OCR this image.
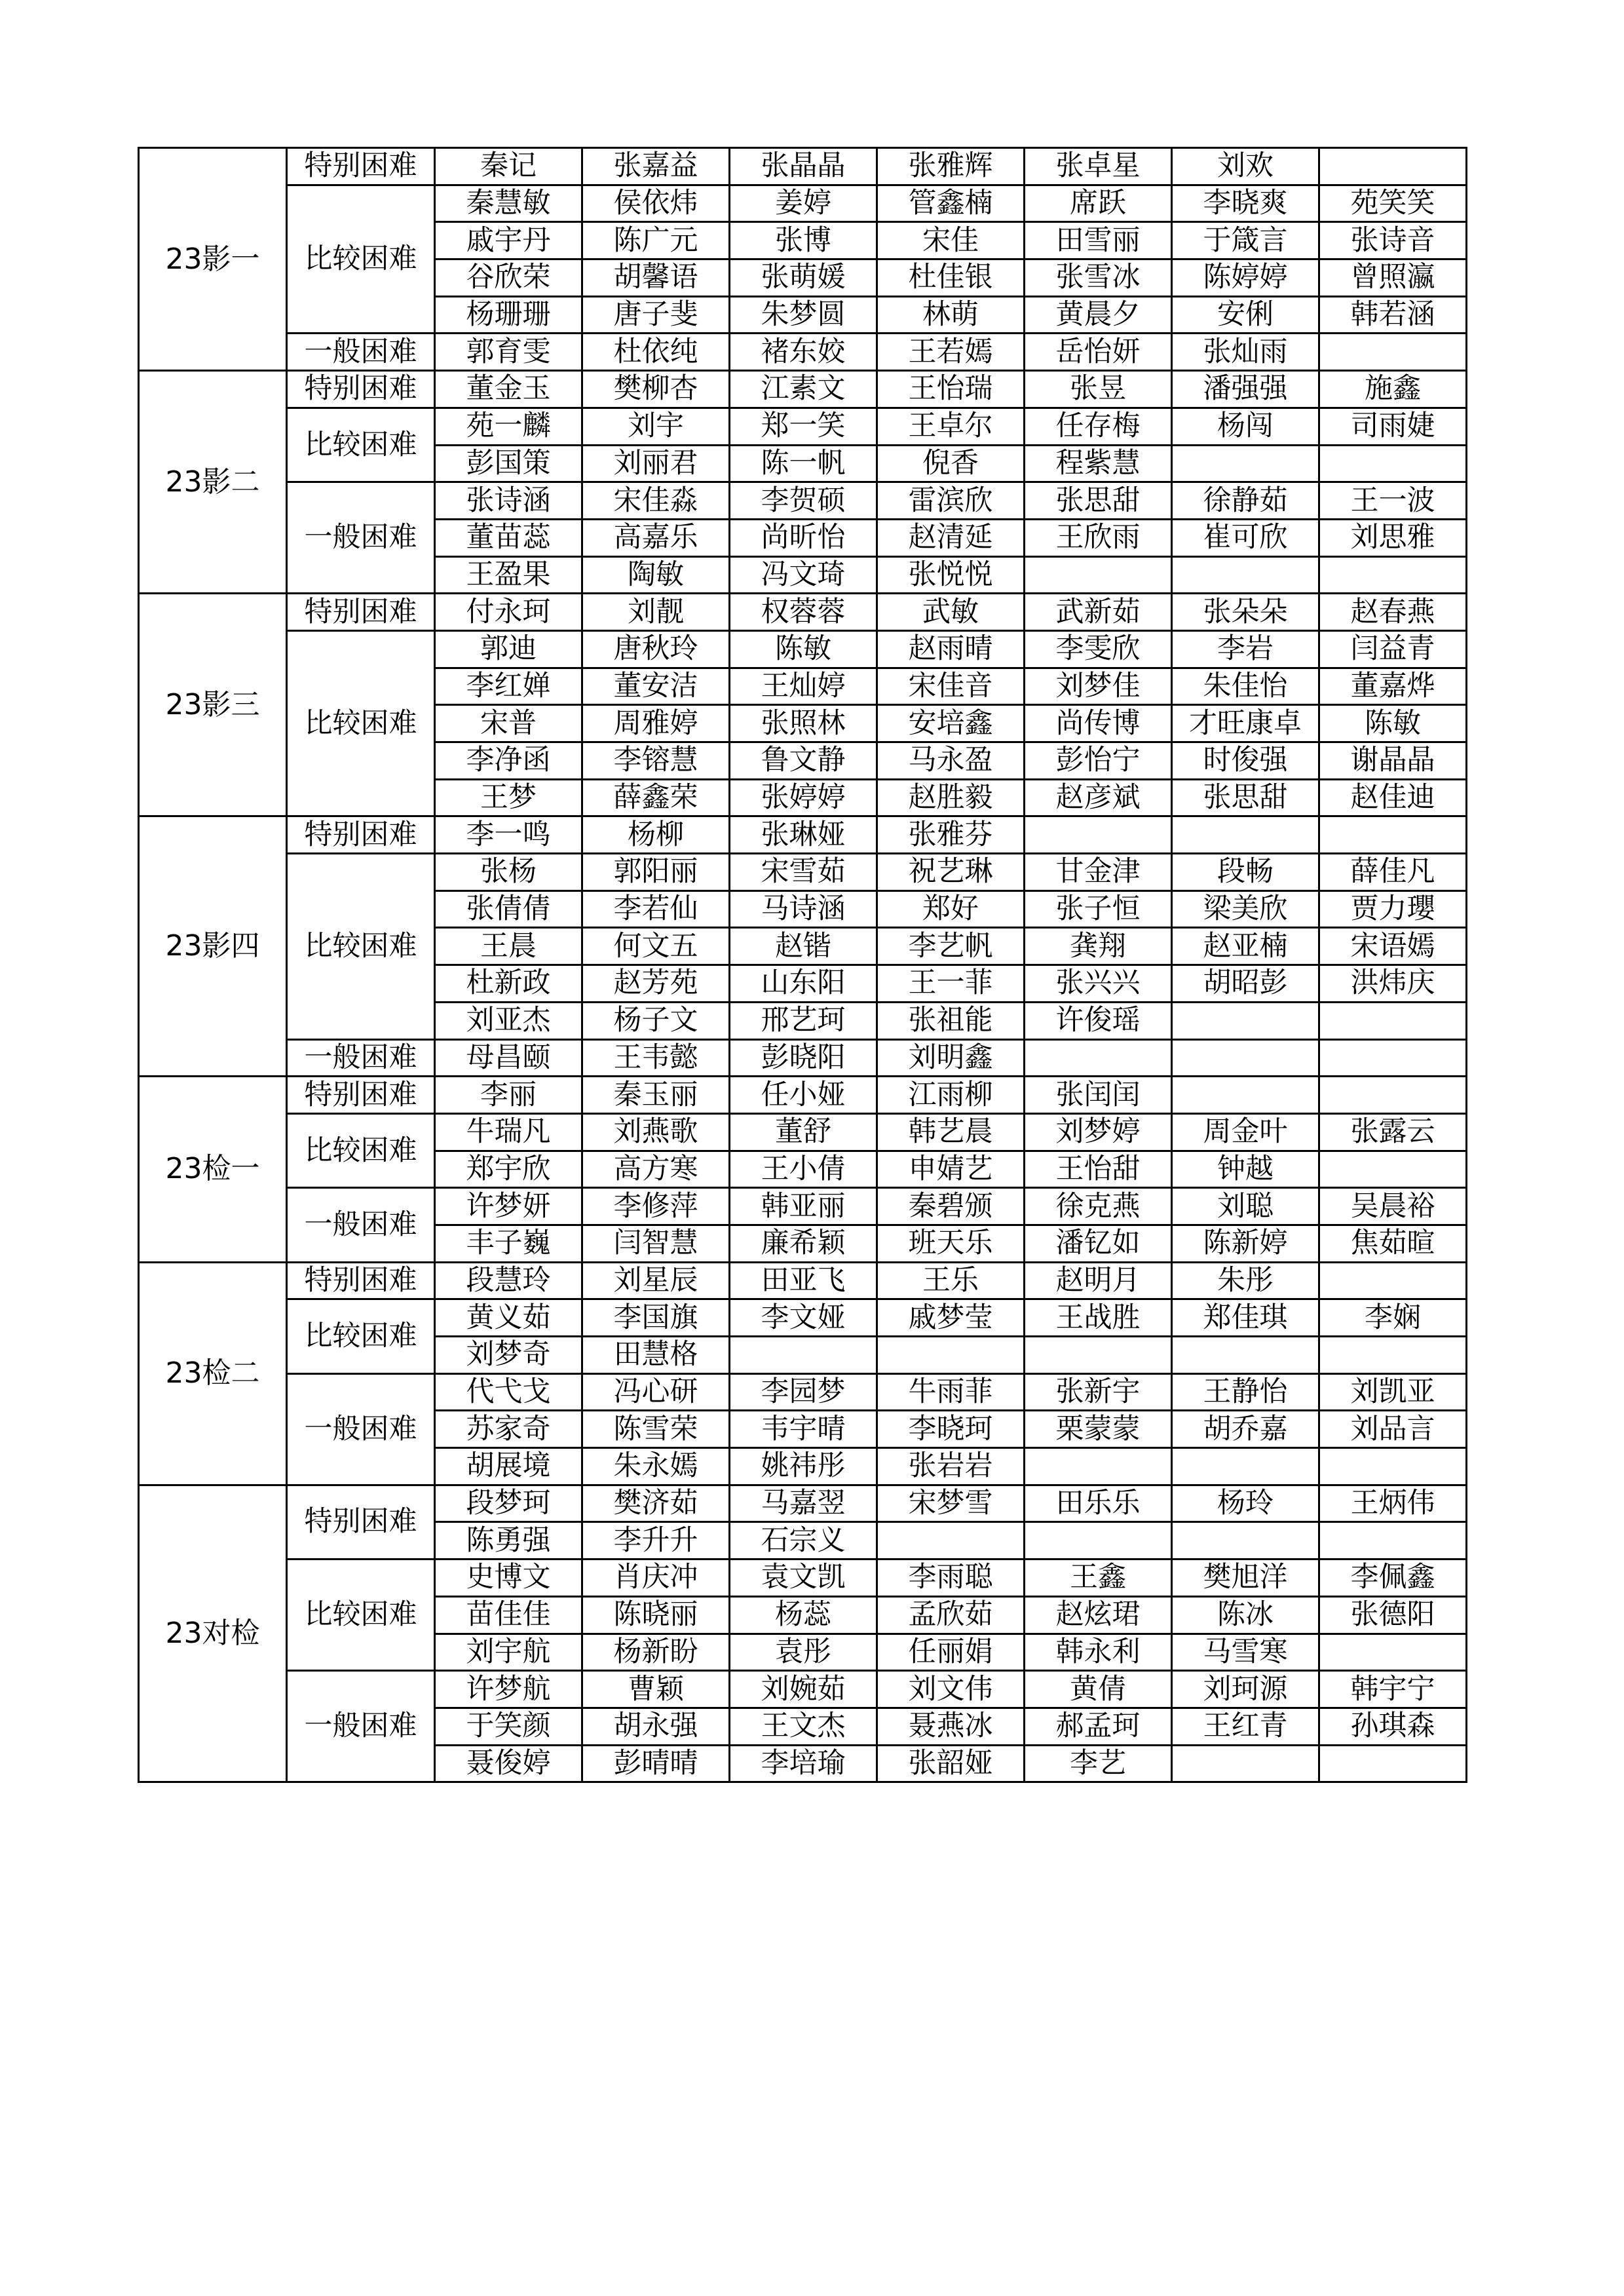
23影一	特别困难	秦记	张嘉益	张晶晶	张雅辉	张卓星	刘欢	
	比较困难	秦慧敏	侯依炜	姜婷	管鑫楠	席跃	李晓爽	苑笑笑
		戚宇丹	陈广元	张博	宋佳	田雪丽	于箴言	张诗音
		谷欣荣	胡馨语	张萌媛	杜佳银	张雪冰	陈婷婷	曾照瀛
		杨珊珊	唐子斐	朱梦圆	林萌	黄晨夕	安俐	韩若涵
	一般困难	郭育雯	杜依纯	褚东姣	王若嫣	岳怡妍	张灿雨	
23影二	特别困难	董金玉	樊柳杏	江素文	王怡瑞	张昱	潘强强	施鑫
	比较困难	苑一麟	刘宇	郑一笑	王卓尔	任存梅	杨闯	司雨婕
		彭国策	刘丽君	陈一帆	倪香	程紫慧		
	一般困难	张诗涵	宋佳淼	李贺硕	雷滨欣	张思甜	徐静茹	王一波
		董苗蕊	高嘉乐	尚昕怡	赵清延	王欣雨	崔可欣	刘思雅
		王盈果	陶敏	冯文琦	张悦悦			
23影三	特别困难	付永珂	刘靓	权蓉蓉	武敏	武新茹	张朵朵	赵春燕
	比较困难	郭迪	唐秋玲	陈敏	赵雨晴	李雯欣	李岩	闫益青
		李红婵	董安洁	王灿婷	宋佳音	刘梦佳	朱佳怡	董嘉烨
		宋普	周雅婷	张照林	安培鑫	尚传博	才旺康卓	陈敏
		李净函	李镕慧	鲁文静	马永盈	彭怡宁	时俊强	谢晶晶
		王梦	薛鑫荣	张婷婷	赵胜毅	赵彦斌	张思甜	赵佳迪
23影四	特别困难	李一鸣	杨柳	张琳娅	张雅芬			
	比较困难	张杨	郭阳丽	宋雪茹	祝艺琳	甘金津	段畅	薛佳凡
		张倩倩	李若仙	马诗涵	郑好	张子恒	梁美欣	贾力瓔
		王晨	何文五	赵锴	李艺帆	龚翔	赵亚楠	宋语嫣
		杜新政	赵芳苑	山东阳	王一菲	张兴兴	胡昭彭	洪炜庆
		刘亚杰	杨子文	邢艺珂	张祖能	许俊瑶		
	一般困难	母昌颐	王韦懿	彭晓阳	刘明鑫			
23检一	特别困难	李丽	秦玉丽	任小娅	江雨柳	张闰闰		
	比较困难	牛瑞凡	刘燕歌	董舒	韩艺晨	刘梦婷	周金叶	张露云
		郑宇欣	高方寒	王小倩	申婧艺	王怡甜	钟越	
	一般困难	许梦妍	李修萍	韩亚丽	秦碧颁	徐克燕	刘聪	吴晨裕
		丰子巍	闫智慧	廉希颖	班天乐	潘钇如	陈新婷	焦茹暄
23检二	特别困难	段慧玲	刘星辰	田亚飞	王乐	赵明月	朱彤	
	比较困难	黄义茹	李国旗	李文娅	戚梦莹	王战胜	郑佳琪	李娴
		刘梦奇	田慧格					
	一般困难	代弋戈	冯心研	李园梦	牛雨菲	张新宇	王静怡	刘凯亚
		苏家奇	陈雪荣	韦宇晴	李晓珂	栗蒙蒙	胡乔嘉	刘品言
		胡展境	朱永嫣	姚祎彤	张岩岩			
23对检	特别困难	段梦珂	樊济茹	马嘉翌	宋梦雪	田乐乐	杨玲	王炳伟
		陈勇强	李升升	石宗义				
	比较困难	史博文	肖庆冲	袁文凯	李雨聪	王鑫	樊旭洋	李佩鑫
		苗佳佳	陈晓丽	杨蕊	孟欣茹	赵炫珺	陈冰	张德阳
		刘宇航	杨新盼	袁彤	任丽娟	韩永利	马雪寒	
	一般困难	许梦航	曹颖	刘婉茹	刘文伟	黄倩	刘珂源	韩宇宁
		于笑颜	胡永强	王文杰	聂燕冰	郝孟珂	王红青	孙琪森
		聂俊婷	彭晴晴	李培瑜	张韶娅	李艺		
